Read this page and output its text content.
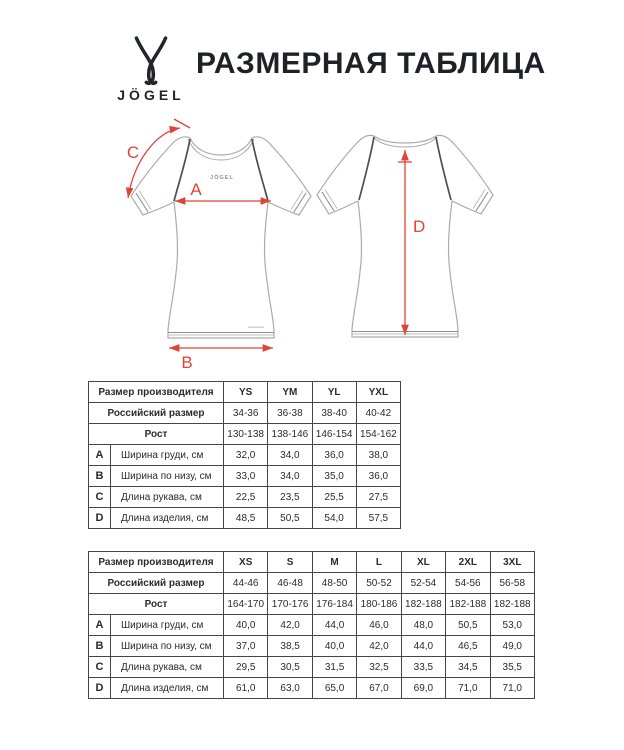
JÖGEL
РАЗМЕРНАЯ ТАБЛИЦА
JÖGEL
A
C
B
D
Размер производителя		YS	YM	YL	YXL
Российский размер		34-36	36-38	38-40	40-42
Рост		130-138	138-146	146-154	154-162
A	Ширина груди, см	32,0	34,0	36,0	38,0
B	Ширина по низу, см	33,0	34,0	35,0	36,0
C	Длина рукава, см	22,5	23,5	25,5	27,5
D	Длина изделия, см	48,5	50,5	54,0	57,5
Размер производителя		XS	S	M	L	XL	2XL	3XL
Российский размер		44-46	46-48	48-50	50-52	52-54	54-56	56-58
Рост		164-170	170-176	176-184	180-186	182-188	182-188	182-188
A	Ширина груди, см	40,0	42,0	44,0	46,0	48,0	50,5	53,0
B	Ширина по низу, см	37,0	38,5	40,0	42,0	44,0	46,5	49,0
C	Длина рукава, см	29,5	30,5	31,5	32,5	33,5	34,5	35,5
D	Длина изделия, см	61,0	63,0	65,0	67,0	69,0	71,0	71,0
